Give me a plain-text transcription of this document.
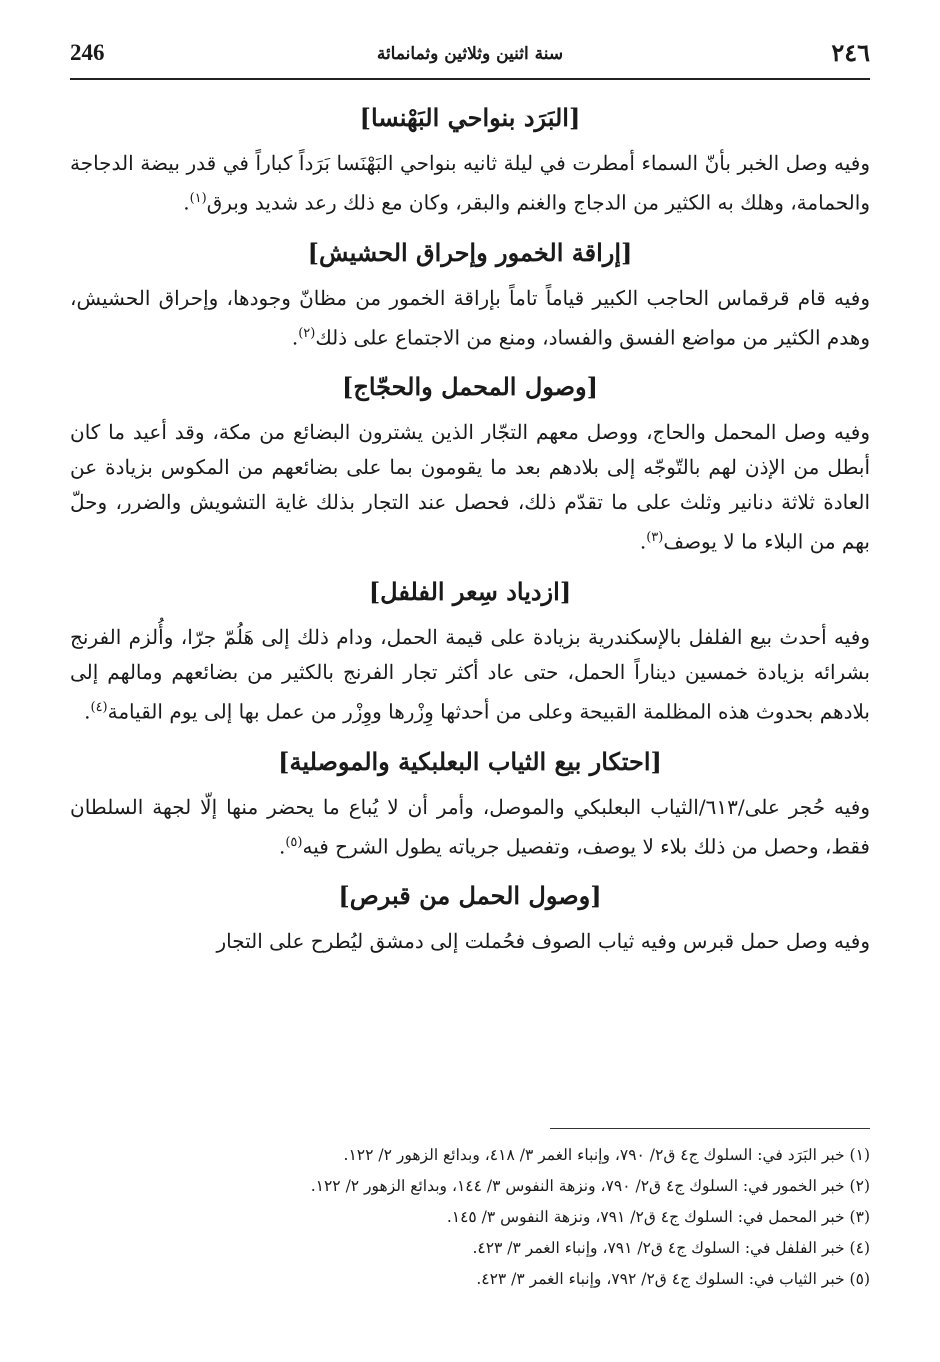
246	سنة اثنين وثلاثين وثمانمائة	٢٤٦
[البَرَد بنواحي البَهْنسا]

وفيه وصل الخبر بأنّ السماء أمطرت في ليلة ثانيه بنواحي البَهْنَسا بَرَداً كباراً في قدر بيضة الدجاجة والحمامة، وهلك به الكثير من الدجاج والغنم والبقر، وكان مع ذلك رعد شديد وبرق$^{(١)}$.

[إراقة الخمور وإحراق الحشيش]

وفيه قام قرقماس الحاجب الكبير قياماً تاماً بإراقة الخمور من مظانّ وجودها، وإحراق الحشيش، وهدم الكثير من مواضع الفسق والفساد، ومنع من الاجتماع على ذلك$^{(٢)}$.

[وصول المحمل والحجّاج]

وفيه وصل المحمل والحاج، ووصل معهم التجّار الذين يشترون البضائع من مكة، وقد أعيد ما كان أبطل من الإذن لهم بالتّوجّه إلى بلادهم بعد ما يقومون بما على بضائعهم من المكوس بزيادة عن العادة ثلاثة دنانير وثلث على ما تقدّم ذلك، فحصل عند التجار بذلك غاية التشويش والضرر، وحلّ بهم من البلاء ما لا يوصف$^{(٣)}$.

[ازدياد سِعر الفلفل]

وفيه أحدث بيع الفلفل بالإسكندرية بزيادة على قيمة الحمل، ودام ذلك إلى هَلُمّ جرّا، وأُلزم الفرنج بشرائه بزيادة خمسين ديناراً الحمل، حتى عاد أكثر تجار الفرنج بالكثير من بضائعهم ومالهم إلى بلادهم بحدوث هذه المظلمة القبيحة وعلى من أحدثها وِزْرها ووِزْر من عمل بها إلى يوم القيامة$^{(٤)}$.

[احتكار بيع الثياب البعلبكية والموصلية]

وفيه حُجر على/٦١٣/الثياب البعلبكي والموصل، وأمر أن لا يُباع ما يحضر منها إلّا لجهة السلطان فقط، وحصل من ذلك بلاء لا يوصف، وتفصيل جرياته يطول الشرح فيه$^{(٥)}$.

[وصول الحمل من قبرص]

وفيه وصل حمل قبرس وفيه ثياب الصوف فحُملت إلى دمشق ليُطرح على التجار

(١) خبر البَرَد في: السلوك ج٤ ق٢/ ٧٩٠، وإنباء الغمر ٣/ ٤١٨، وبدائع الزهور ٢/ ١٢٢.
(٢) خبر الخمور في: السلوك ج٤ ق٢/ ٧٩٠، ونزهة النفوس ٣/ ١٤٤، وبدائع الزهور ٢/ ١٢٢.
(٣) خبر المحمل في: السلوك ج٤ ق٢/ ٧٩١، ونزهة النفوس ٣/ ١٤٥.
(٤) خبر الفلفل في: السلوك ج٤ ق٢/ ٧٩١، وإنباء الغمر ٣/ ٤٢٣.
(٥) خبر الثياب في: السلوك ج٤ ق٢/ ٧٩٢، وإنباء الغمر ٣/ ٤٢٣.
